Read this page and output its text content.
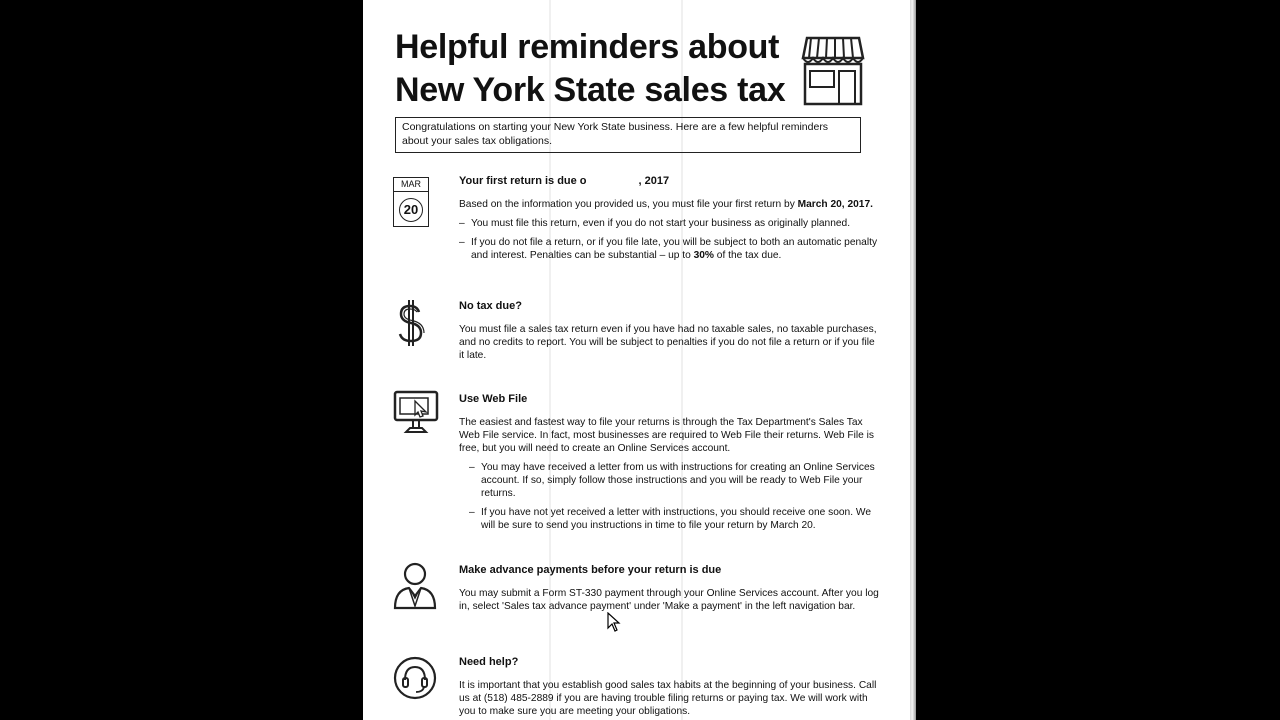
Helpful reminders about
New York State sales tax
Congratulations on starting your New York State business. Here are a few helpful reminders about your sales tax obligations.
MAR
20
Your first return is due o	, 2017

Based on the information you provided us, you must file your first return by March 20, 2017.

– You must file this return, even if you do not start your business as originally planned.
– If you do not file a return, or if you file late, you will be subject to both an automatic penalty and interest. Penalties can be substantial – up to 30% of the tax due.
No tax due?

You must file a sales tax return even if you have had no taxable sales, no taxable purchases, and no credits to report. You will be subject to penalties if you do not file a return or if you file it late.

Use Web File

The easiest and fastest way to file your returns is through the Tax Department's Sales Tax Web File service. In fact, most businesses are required to Web File their returns. Web File is free, but you will need to create an Online Services account.

– You may have received a letter from us with instructions for creating an Online Services account. If so, simply follow those instructions and you will be ready to Web File your returns.
– If you have not yet received a letter with instructions, you should receive one soon. We will be sure to send you instructions in time to file your return by March 20.
Make advance payments before your return is due

You may submit a Form ST-330 payment through your Online Services account. After you log in, select 'Sales tax advance payment' under 'Make a payment' in the left navigation bar.

Need help?

It is important that you establish good sales tax habits at the beginning of your business. Call us at (518) 485-2889 if you are having trouble filing returns or paying tax. We will work with you to make sure you are meeting your obligations.
